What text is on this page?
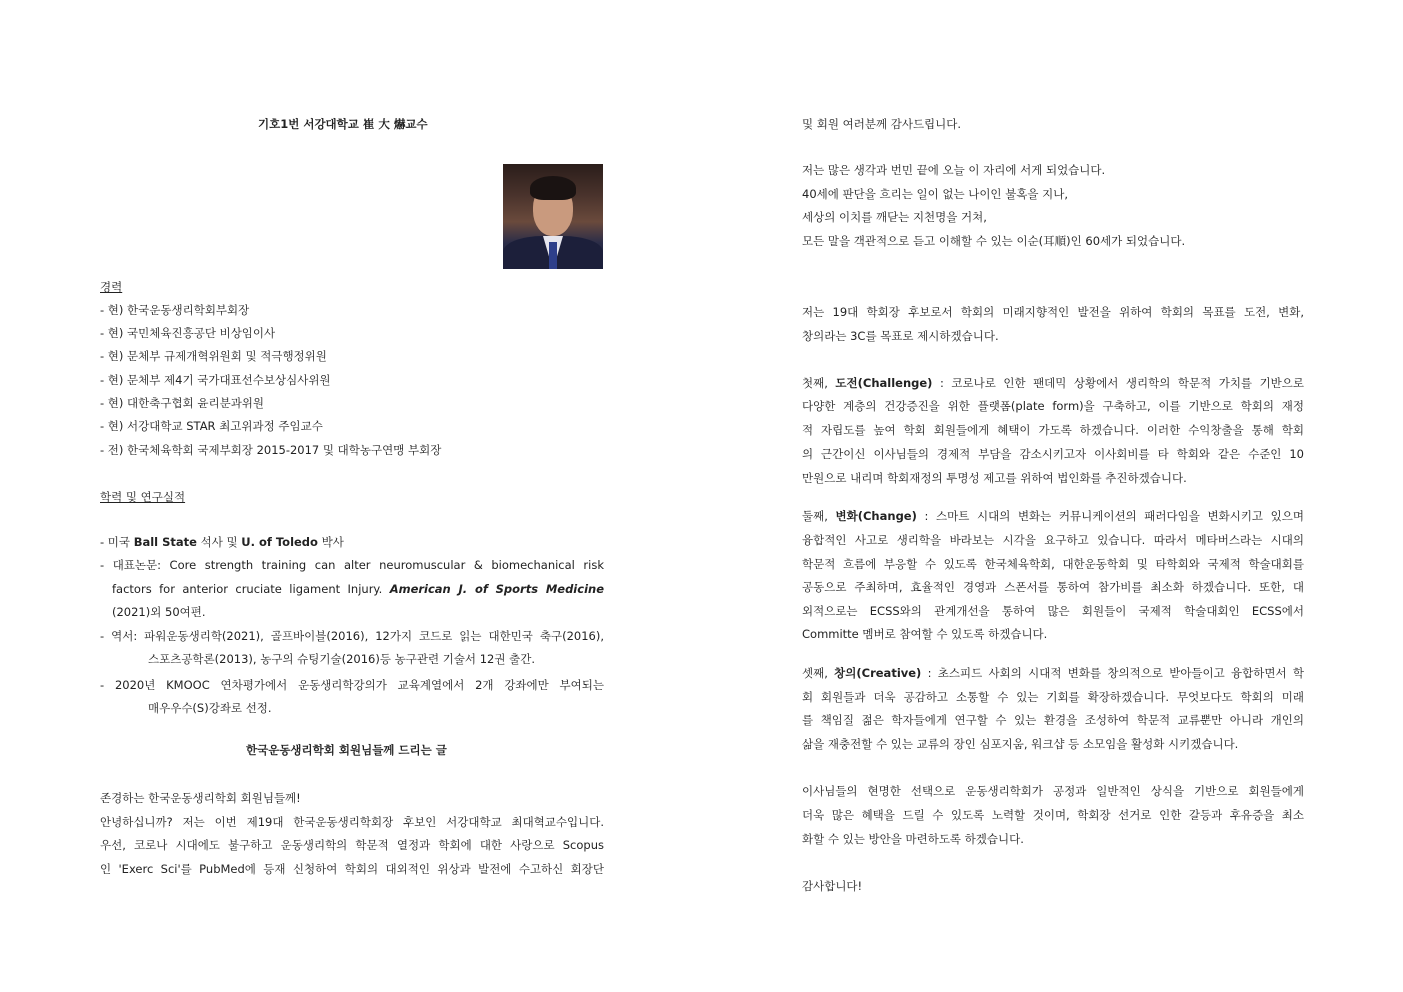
기호1번 서강대학교 崔 大 爀교수
경력
- 현) 한국운동생리학회부회장
- 현) 국민체육진흥공단 비상임이사
- 현) 문체부 규제개혁위원회 및 적극행정위원
- 현) 문체부 제4기 국가대표선수보상심사위원
- 현) 대한축구협회 윤리분과위원
- 현) 서강대학교 STAR 최고위과정 주임교수
- 전) 한국체육학회 국제부회장 2015-2017 및 대학농구연맹 부회장
학력 및 연구실적
- 미국 Ball State 석사 및 U. of Toledo 박사
- 대표논문: Core strength training can alter neuromuscular & biomechanical risk
factors for anterior cruciate ligament Injury. American J. of Sports Medicine
(2021)외 50여편.
- 역서: 파워운동생리학(2021), 골프바이블(2016), 12가지 코드로 읽는 대한민국 축구(2016),
스포츠공학론(2013), 농구의 슈팅기술(2016)등 농구관련 기술서 12권 출간.
- 2020년 KMOOC 연차평가에서 운동생리학강의가 교육계열에서 2개 강좌에만 부여되는
매우우수(S)강좌로 선정.
한국운동생리학회 회원님들께 드리는 글
존경하는 한국운동생리학회 회원님들께!
안녕하십니까? 저는 이번 제19대 한국운동생리학회장 후보인 서강대학교 최대혁교수입니다.
우선, 코로나 시대에도 불구하고 운동생리학의 학문적 열정과 학회에 대한 사랑으로 Scopus
인 'Exerc Sci'를 PubMed에 등재 신청하여 학회의 대외적인 위상과 발전에 수고하신 회장단
및 회원 여러분께 감사드립니다.
저는 많은 생각과 번민 끝에 오늘 이 자리에 서게 되었습니다.
40세에 판단을 흐리는 일이 없는 나이인 불혹을 지나,
세상의 이치를 깨닫는 지천명을 거쳐,
모든 말을 객관적으로 듣고 이해할 수 있는 이순(耳順)인 60세가 되었습니다.
저는 19대 학회장 후보로서 학회의 미래지향적인 발전을 위하여 학회의 목표를 도전, 변화,
창의라는 3C를 목표로 제시하겠습니다.
첫째, 도전(Challenge) : 코로나로 인한 팬데믹 상황에서 생리학의 학문적 가치를 기반으로
다양한 계층의 건강증진을 위한 플랫폼(plate form)을 구축하고, 이를 기반으로 학회의 재정
적 자립도를 높여 학회 회원들에게 혜택이 가도록 하겠습니다. 이러한 수익창출을 통해 학회
의 근간이신 이사님들의 경제적 부담을 감소시키고자 이사회비를 타 학회와 같은 수준인 10
만원으로 내리며 학회재정의 투명성 제고를 위하여 법인화를 추진하겠습니다.
둘째, 변화(Change) : 스마트 시대의 변화는 커뮤니케이션의 패러다임을 변화시키고 있으며
융합적인 사고로 생리학을 바라보는 시각을 요구하고 있습니다. 따라서 메타버스라는 시대의
학문적 흐름에 부응할 수 있도록 한국체육학회, 대한운동학회 및 타학회와 국제적 학술대회를
공동으로 주최하며, 효율적인 경영과 스폰서를 통하여 참가비를 최소화 하겠습니다. 또한, 대
외적으로는 ECSS와의 관계개선을 통하여 많은 회원들이 국제적 학술대회인 ECSS에서
Committe 멤버로 참여할 수 있도록 하겠습니다.
셋째, 창의(Creative) : 초스피드 사회의 시대적 변화를 창의적으로 받아들이고 융합하면서 학
회 회원들과 더욱 공감하고 소통할 수 있는 기회를 확장하겠습니다. 무엇보다도 학회의 미래
를 책임질 젊은 학자들에게 연구할 수 있는 환경을 조성하여 학문적 교류뿐만 아니라 개인의
삶을 재충전할 수 있는 교류의 장인 심포지움, 워크샵 등 소모임을 활성화 시키겠습니다.
이사님들의 현명한 선택으로 운동생리학회가 공정과 일반적인 상식을 기반으로 회원들에게
더욱 많은 혜택을 드릴 수 있도록 노력할 것이며, 학회장 선거로 인한 갈등과 후유증을 최소
화할 수 있는 방안을 마련하도록 하겠습니다.
감사합니다!
